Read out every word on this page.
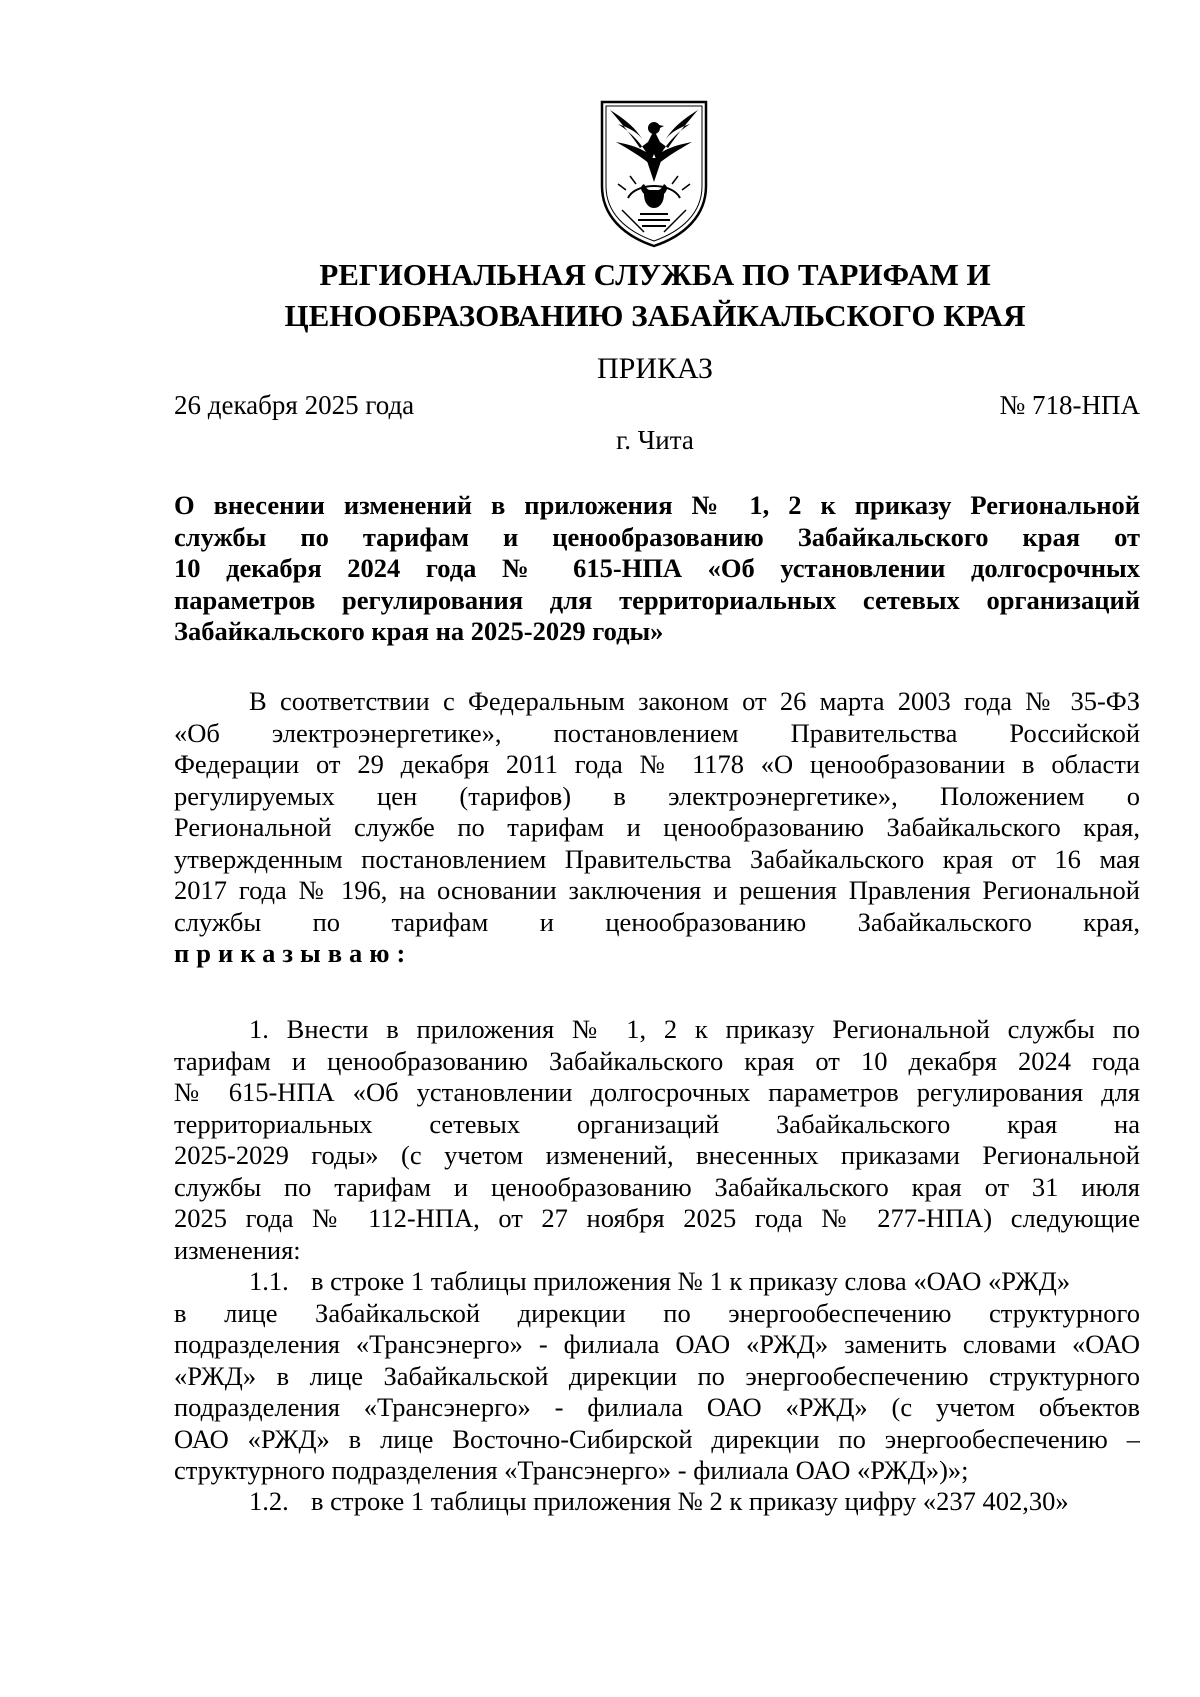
РЕГИОНАЛЬНАЯ СЛУЖБА ПО ТАРИФАМ И
ЦЕНООБРАЗОВАНИЮ ЗАБАЙКАЛЬСКОГО КРАЯ
ПРИКАЗ
26 декабря 2025 года	№ 718-НПА
г. Чита
О внесении изменений в приложения № 1, 2 к приказу Региональной
службы по тарифам и ценообразованию Забайкальского края от
10 декабря 2024 года № 615-НПА «Об установлении долгосрочных
параметров регулирования для территориальных сетевых организаций
Забайкальского края на 2025-2029 годы»
В соответствии с Федеральным законом от 26 марта 2003 года № 35-ФЗ
«Об электроэнергетике», постановлением Правительства Российской
Федерации от 29 декабря 2011 года № 1178 «О ценообразовании в области
регулируемых цен (тарифов) в электроэнергетике», Положением о
Региональной службе по тарифам и ценообразованию Забайкальского края,
утвержденным постановлением Правительства Забайкальского края от 16 мая
2017 года № 196, на основании заключения и решения Правления Региональной
службы по тарифам и ценообразованию Забайкальского края,
приказываю:
1. Внести в приложения № 1, 2 к приказу Региональной службы по
тарифам и ценообразованию Забайкальского края от 10 декабря 2024 года
№ 615-НПА «Об установлении долгосрочных параметров регулирования для
территориальных сетевых организаций Забайкальского края на
2025-2029 годы» (с учетом изменений, внесенных приказами Региональной
службы по тарифам и ценообразованию Забайкальского края от 31 июля
2025 года № 112-НПА, от 27 ноября 2025 года № 277-НПА) следующие
изменения:
1.1. в строке 1 таблицы приложения № 1 к приказу слова «ОАО «РЖД»
в лице Забайкальской дирекции по энергообеспечению структурного
подразделения «Трансэнерго» - филиала ОАО «РЖД» заменить словами «ОАО
«РЖД» в лице Забайкальской дирекции по энергообеспечению структурного
подразделения «Трансэнерго» - филиала ОАО «РЖД» (с учетом объектов
ОАО «РЖД» в лице Восточно-Сибирской дирекции по энергообеспечению –
структурного подразделения «Трансэнерго» - филиала ОАО «РЖД»)»;
1.2. в строке 1 таблицы приложения № 2 к приказу цифру «237 402,30»
